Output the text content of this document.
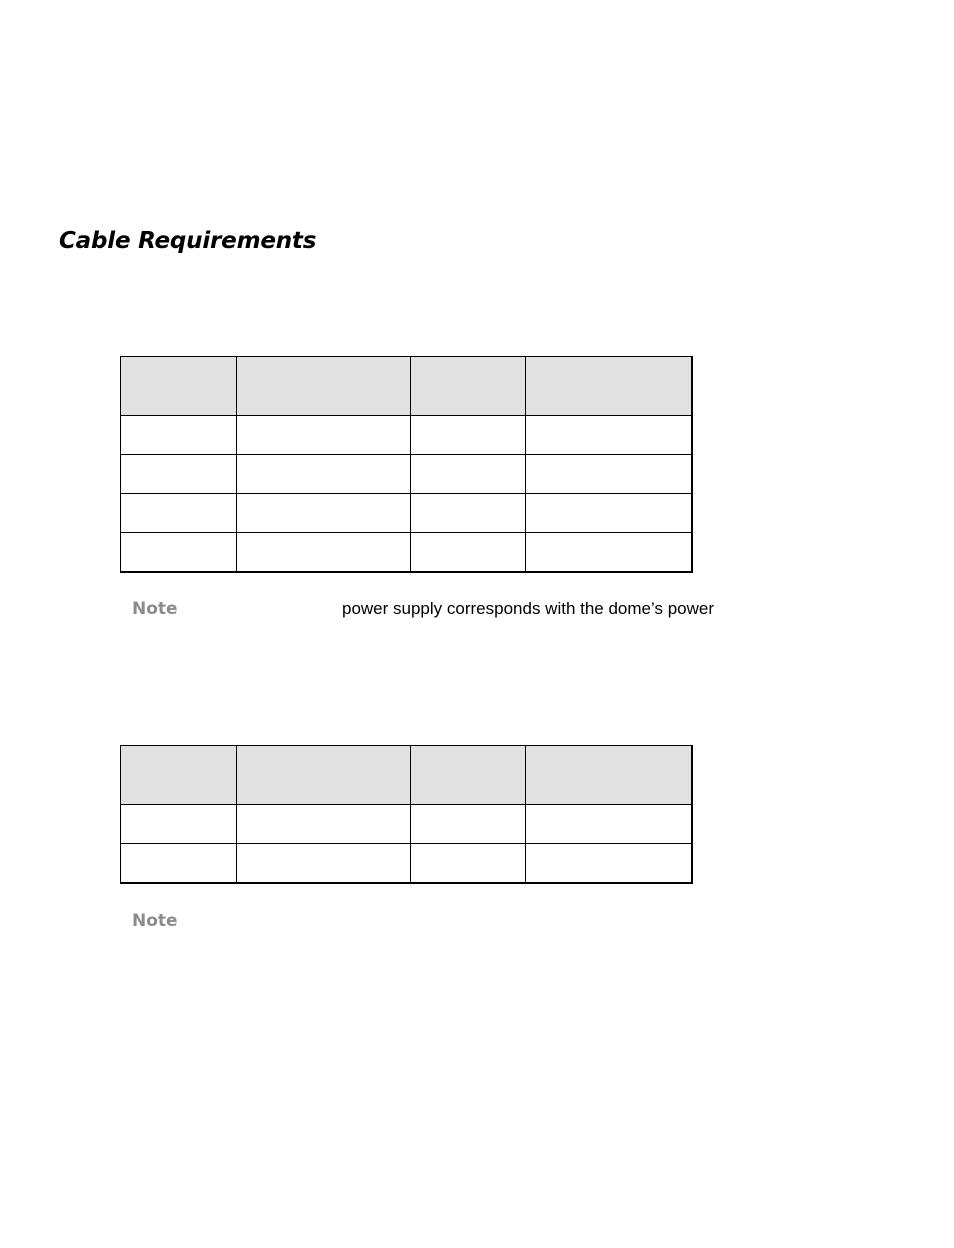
Cable Requirements

Note	power supply corresponds with the dome’s power

Note
